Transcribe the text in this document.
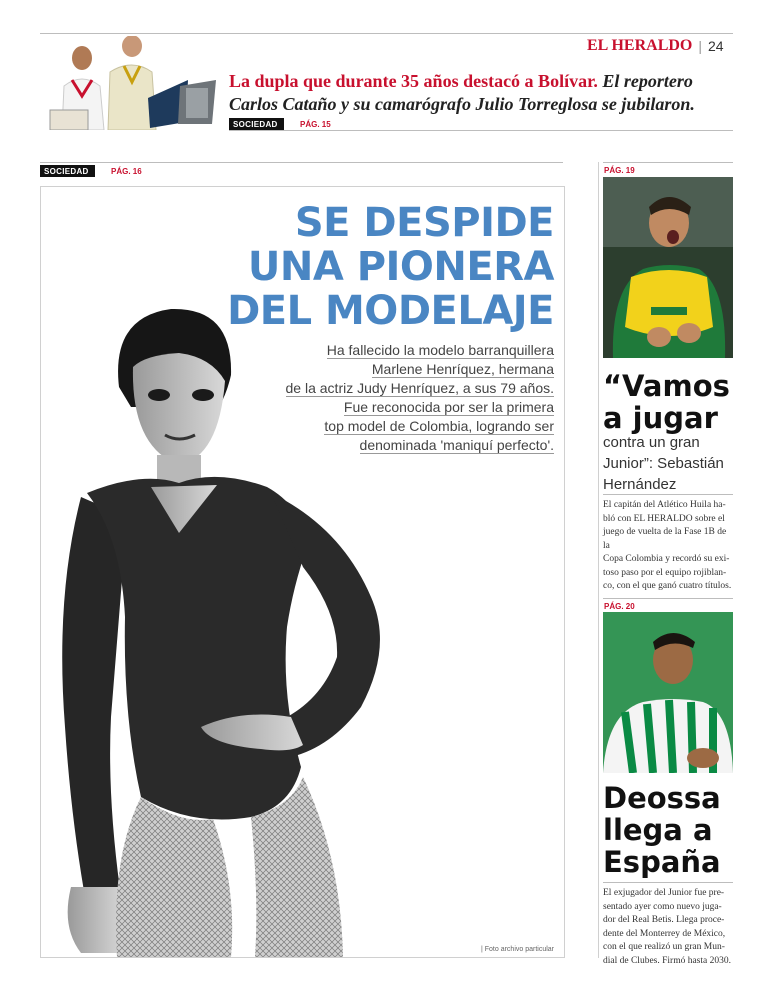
EL HERALDO | 24
La dupla que durante 35 años destacó a Bolívar. El reportero Carlos Cataño y su camarógrafo Julio Torreglosa se jubilaron.
SOCIEDAD	PÁG. 15
SOCIEDAD	PÁG. 16
SE DESPIDE
UNA PIONERA
DEL MODELAJE
Ha fallecido la modelo barranquillera
Marlene Henríquez, hermana
de la actriz Judy Henríquez, a sus 79 años.
Fue reconocida por ser la primera
top model de Colombia, logrando ser
denominada 'maniquí perfecto'.
| Foto archivo particular
PÁG. 19
“Vamos
a jugar
contra un gran
Junior”: Sebastián
Hernández
El capitán del Atlético Huila ha-
bló con EL HERALDO sobre el
juego de vuelta de la Fase 1B de la
Copa Colombia y recordó su exi-
toso paso por el equipo rojiblan-
co, con el que ganó cuatro títulos.
PÁG. 20
Deossa
llega a
España
El exjugador del Junior fue pre-
sentado ayer como nuevo juga-
dor del Real Betis. Llega proce-
dente del Monterrey de México,
con el que realizó un gran Mun-
dial de Clubes. Firmó hasta 2030.
